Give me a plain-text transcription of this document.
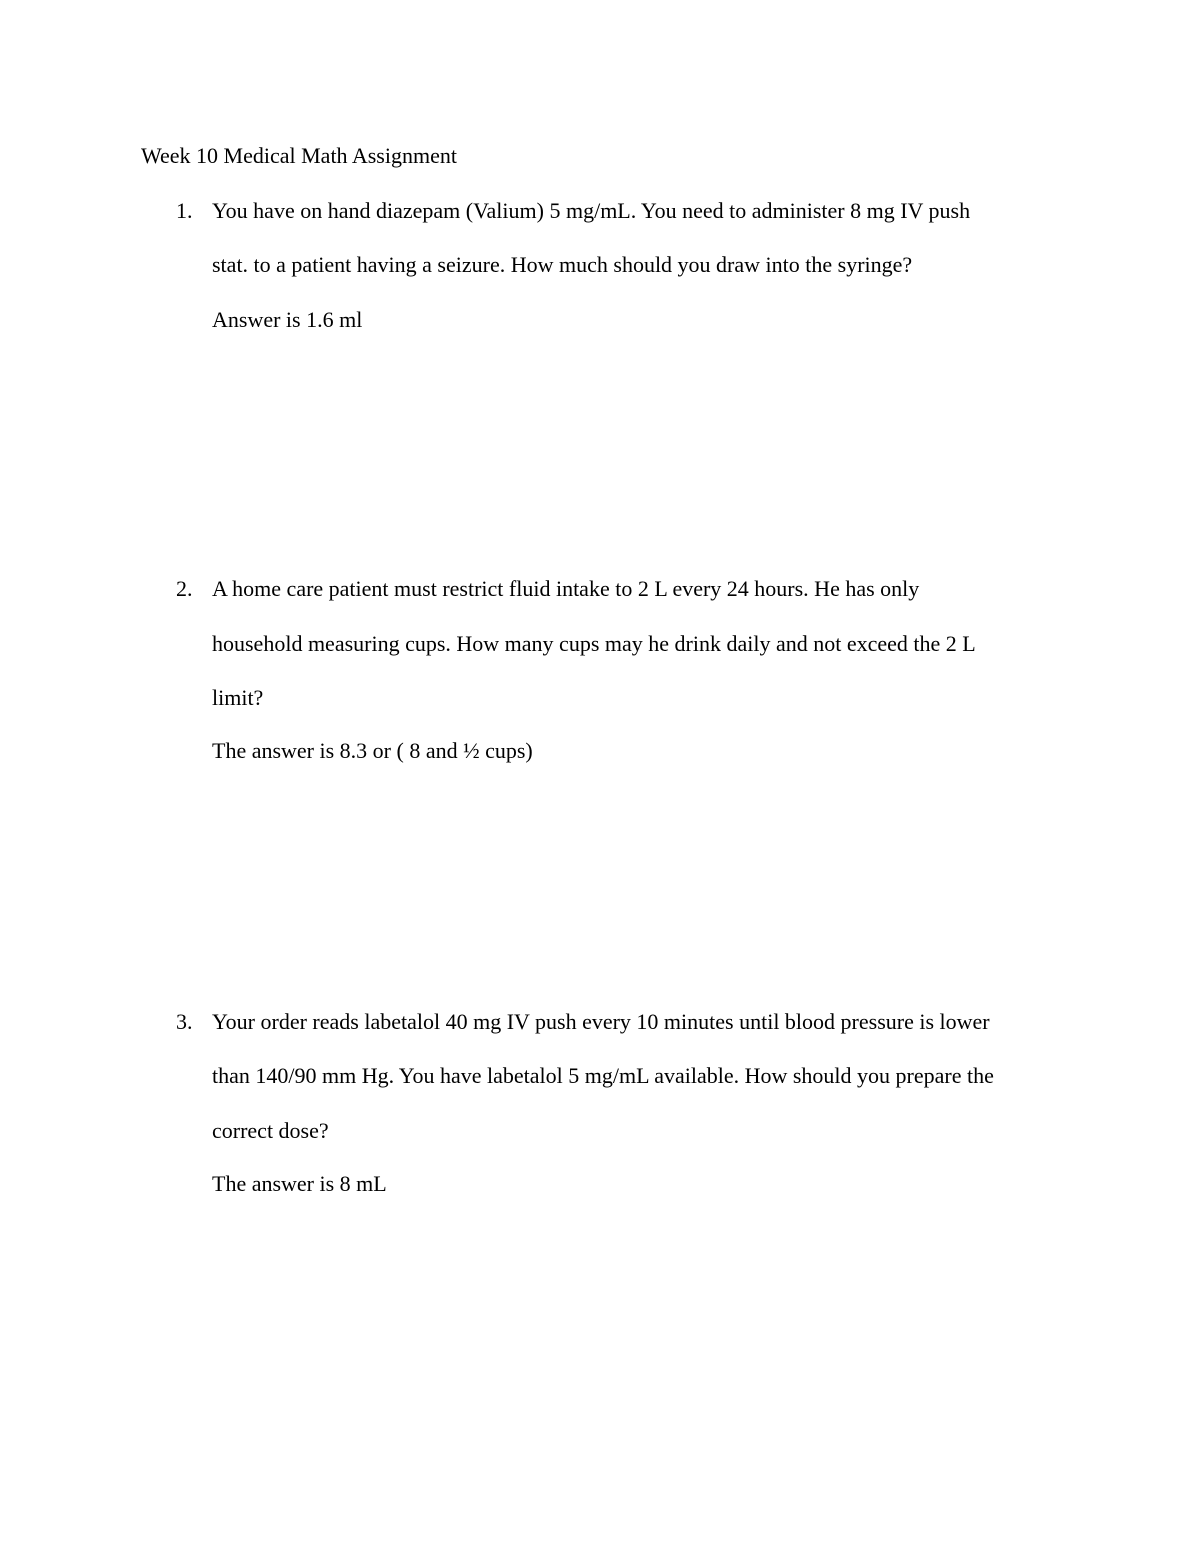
Week 10 Medical Math Assignment
1. You have on hand diazepam (Valium) 5 mg/mL. You need to administer 8 mg IV push
stat. to a patient having a seizure. How much should you draw into the syringe?
Answer is 1.6 ml
2. A home care patient must restrict fluid intake to 2 L every 24 hours. He has only
household measuring cups. How many cups may he drink daily and not exceed the 2 L
limit?
The answer is 8.3 or ( 8 and ½ cups)
3. Your order reads labetalol 40 mg IV push every 10 minutes until blood pressure is lower
than 140/90 mm Hg. You have labetalol 5 mg/mL available. How should you prepare the
correct dose?
The answer is 8 mL
